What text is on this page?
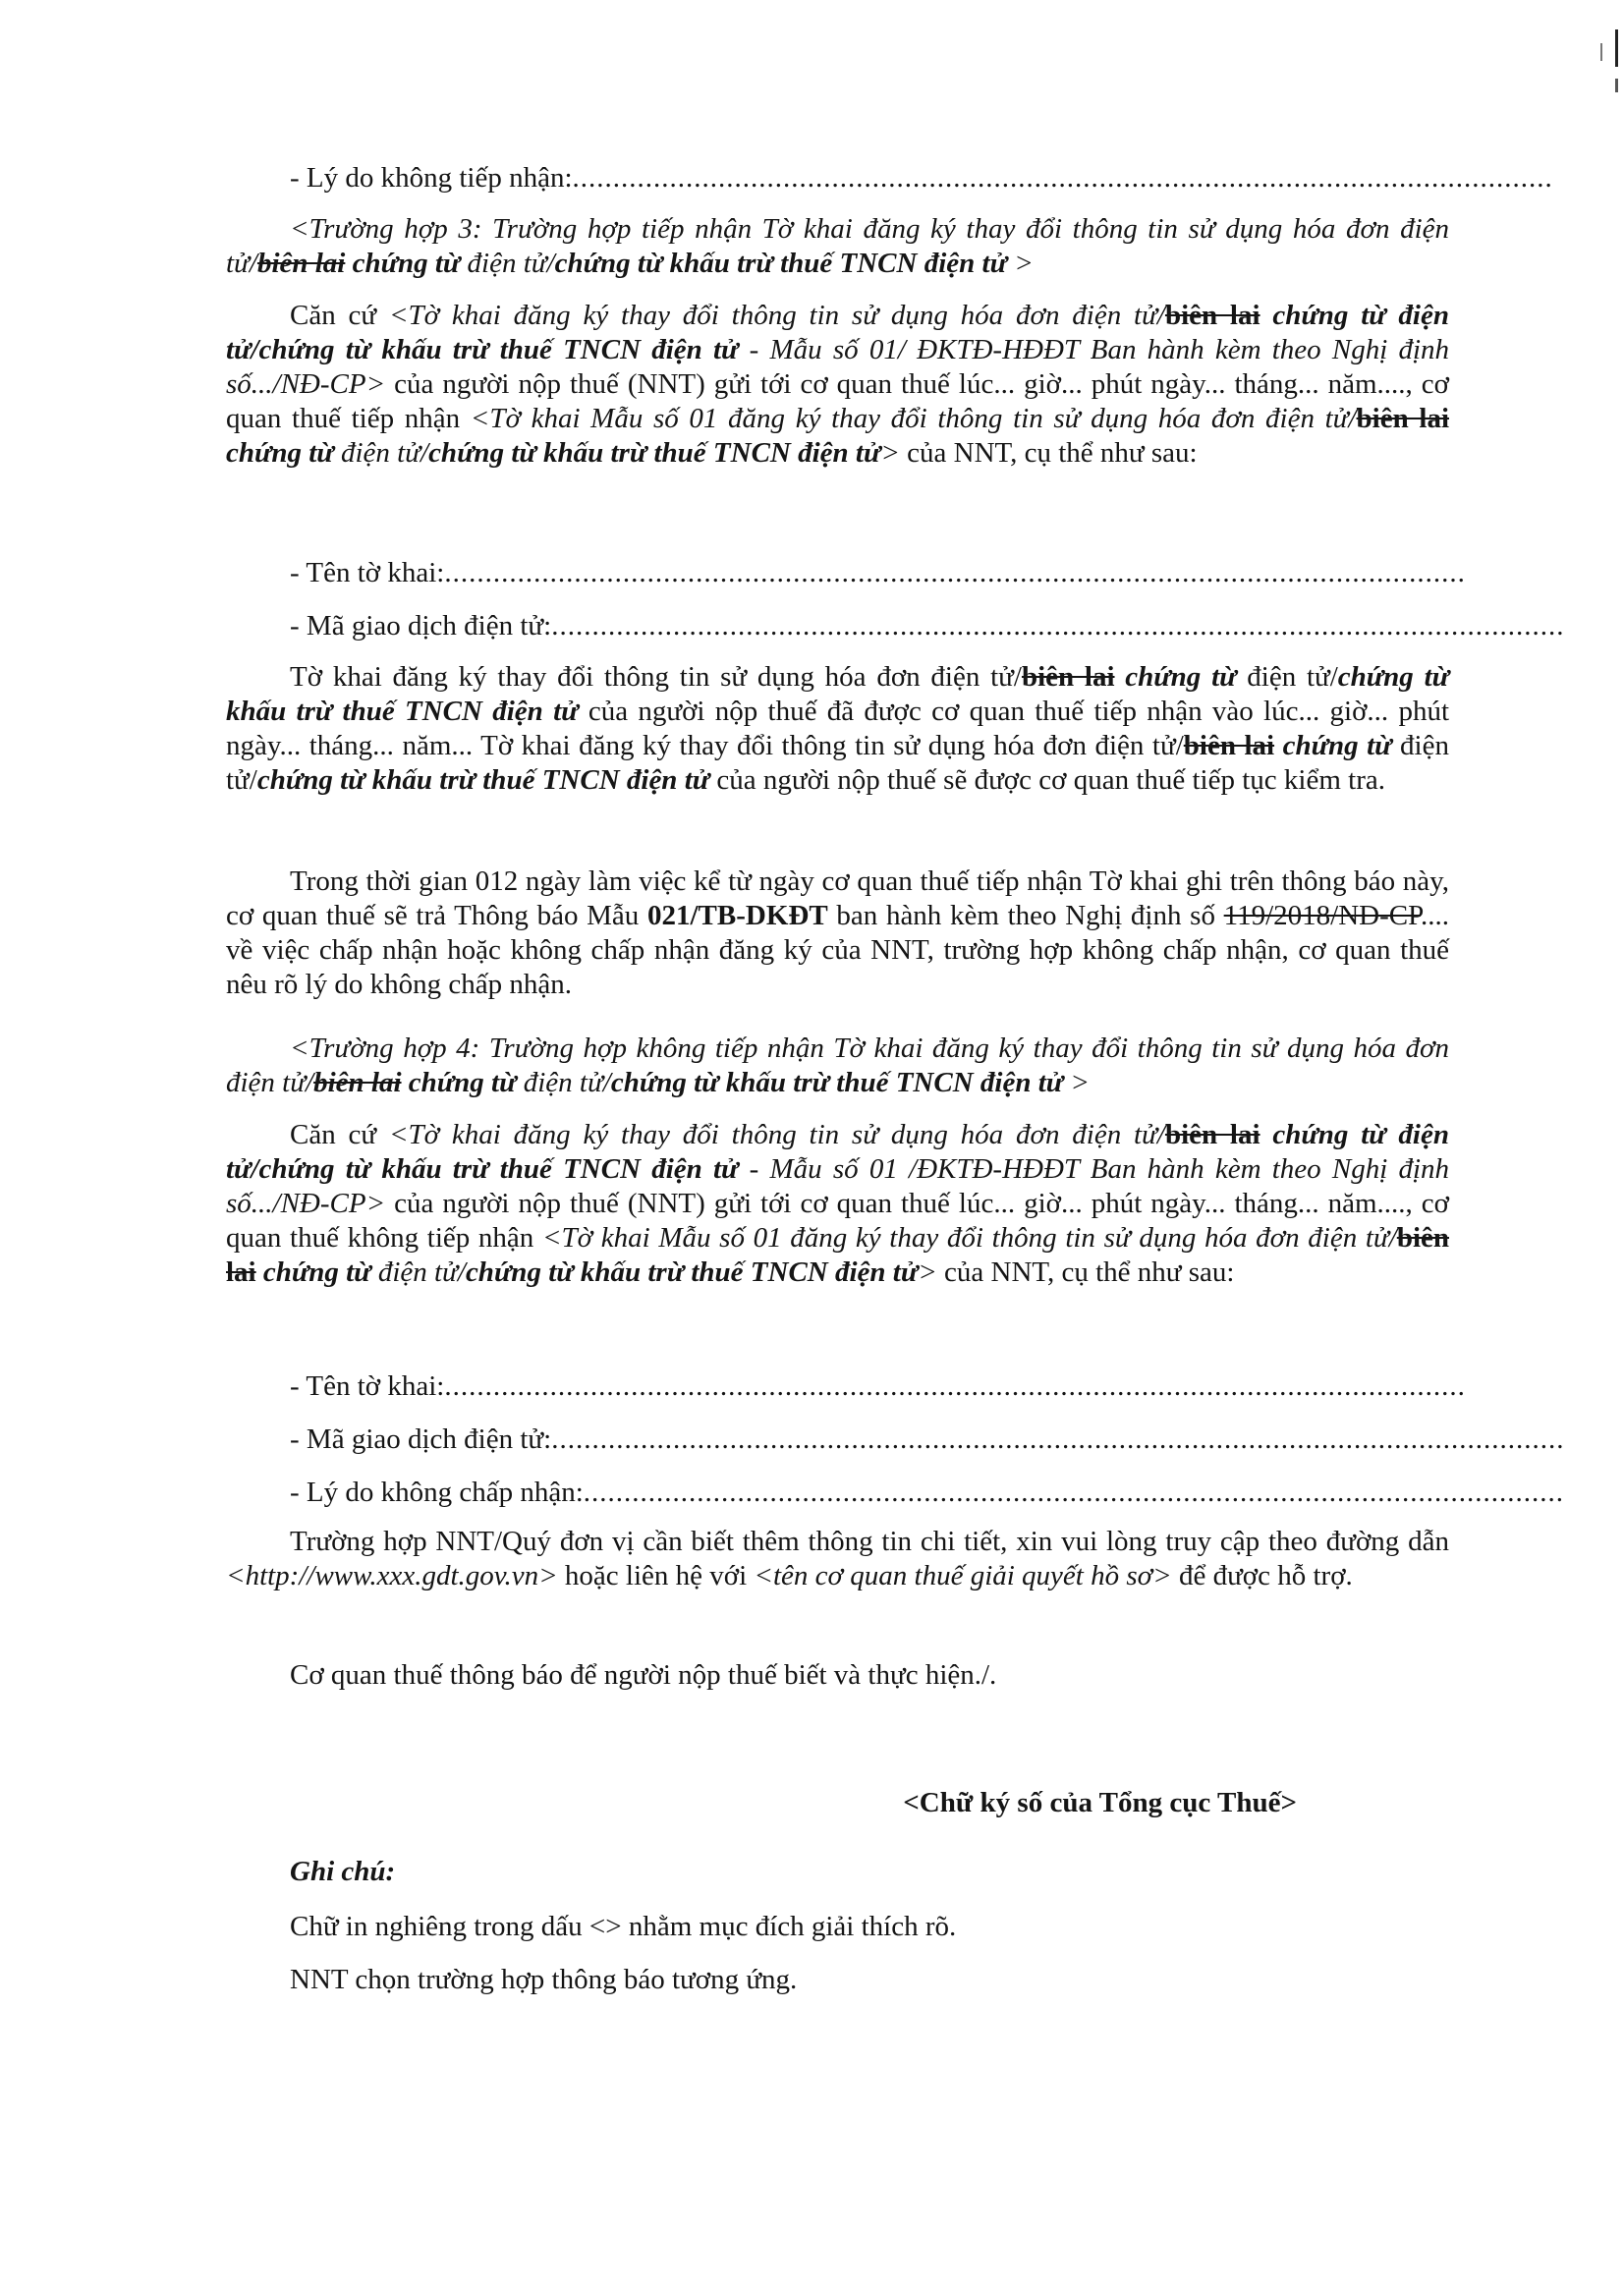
- Lý do không tiếp nhận:.........................................................................................................................

<Trường hợp 3: Trường hợp tiếp nhận Tờ khai đăng ký thay đổi thông tin sử dụng hóa đơn điện tử/biên lai chứng từ điện tử/chứng từ khấu trừ thuế TNCN điện tử >

Căn cứ <Tờ khai đăng ký thay đổi thông tin sử dụng hóa đơn điện tử/biên lai chứng từ điện tử/chứng từ khấu trừ thuế TNCN điện tử - Mẫu số 01/ ĐKTĐ-HĐĐT Ban hành kèm theo Nghị định số.../NĐ-CP> của người nộp thuế (NNT) gửi tới cơ quan thuế lúc... giờ... phút ngày... tháng... năm...., cơ quan thuế tiếp nhận <Tờ khai Mẫu số 01 đăng ký thay đổi thông tin sử dụng hóa đơn điện tử/biên lai chứng từ điện tử/chứng từ khấu trừ thuế TNCN điện tử> của NNT, cụ thể như sau:

- Tên tờ khai:..............................................................................................................................

- Mã giao dịch điện tử:.............................................................................................................................

Tờ khai đăng ký thay đổi thông tin sử dụng hóa đơn điện tử/biên lai chứng từ điện tử/chứng từ khấu trừ thuế TNCN điện tử của người nộp thuế đã được cơ quan thuế tiếp nhận vào lúc... giờ... phút ngày... tháng... năm... Tờ khai đăng ký thay đổi thông tin sử dụng hóa đơn điện tử/biên lai chứng từ điện tử/chứng từ khấu trừ thuế TNCN điện tử của người nộp thuế sẽ được cơ quan thuế tiếp tục kiểm tra.

Trong thời gian 012 ngày làm việc kể từ ngày cơ quan thuế tiếp nhận Tờ khai ghi trên thông báo này, cơ quan thuế sẽ trả Thông báo Mẫu 021/TB-DKĐT ban hành kèm theo Nghị định số 119/2018/NĐ-CP.... về việc chấp nhận hoặc không chấp nhận đăng ký của NNT, trường hợp không chấp nhận, cơ quan thuế nêu rõ lý do không chấp nhận.

<Trường hợp 4: Trường hợp không tiếp nhận Tờ khai đăng ký thay đổi thông tin sử dụng hóa đơn điện tử/biên lai chứng từ điện tử/chứng từ khấu trừ thuế TNCN điện tử >

Căn cứ <Tờ khai đăng ký thay đổi thông tin sử dụng hóa đơn điện tử/biên lai chứng từ điện tử/chứng từ khấu trừ thuế TNCN điện tử - Mẫu số 01 /ĐKTĐ-HĐĐT Ban hành kèm theo Nghị định số.../NĐ-CP> của người nộp thuế (NNT) gửi tới cơ quan thuế lúc... giờ... phút ngày... tháng... năm...., cơ quan thuế không tiếp nhận <Tờ khai Mẫu số 01 đăng ký thay đổi thông tin sử dụng hóa đơn điện tử/biên lai chứng từ điện tử/chứng từ khấu trừ thuế TNCN điện tử> của NNT, cụ thể như sau:

- Tên tờ khai:..............................................................................................................................

- Mã giao dịch điện tử:.............................................................................................................................

- Lý do không chấp nhận:.........................................................................................................................

Trường hợp NNT/Quý đơn vị cần biết thêm thông tin chi tiết, xin vui lòng truy cập theo đường dẫn <http://www.xxx.gdt.gov.vn> hoặc liên hệ với <tên cơ quan thuế giải quyết hồ sơ> để được hỗ trợ.

Cơ quan thuế thông báo để người nộp thuế biết và thực hiện./.

<Chữ ký số của Tổng cục Thuế>

Ghi chú:

Chữ in nghiêng trong dấu <> nhằm mục đích giải thích rõ.

NNT chọn trường hợp thông báo tương ứng.
